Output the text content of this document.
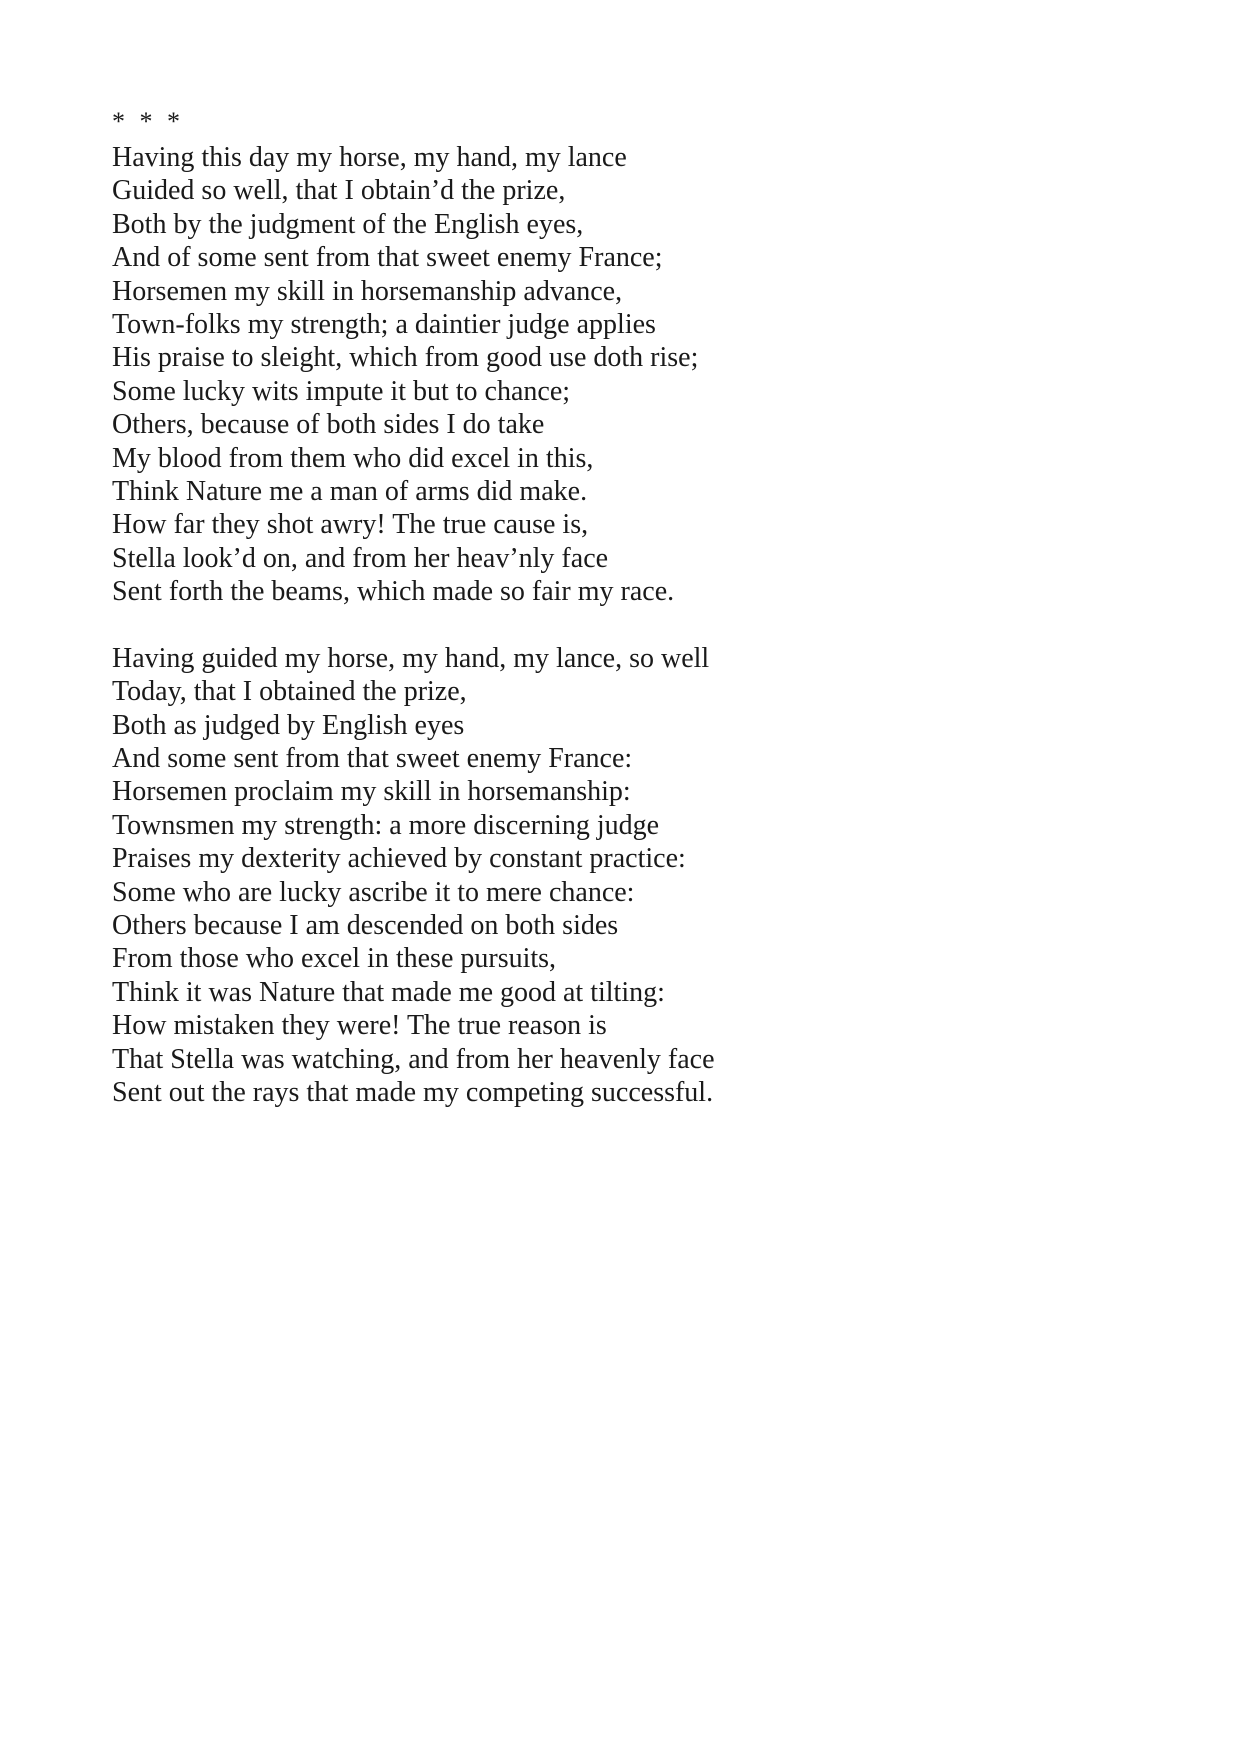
* * *
Having this day my horse, my hand, my lance
Guided so well, that I obtain’d the prize,
Both by the judgment of the English eyes,
And of some sent from that sweet enemy France;
Horsemen my skill in horsemanship advance,
Town-folks my strength; a daintier judge applies
His praise to sleight, which from good use doth rise;
Some lucky wits impute it but to chance;
Others, because of both sides I do take
My blood from them who did excel in this,
Think Nature me a man of arms did make.
How far they shot awry! The true cause is,
Stella look’d on, and from her heav’nly face
Sent forth the beams, which made so fair my race.
Having guided my horse, my hand, my lance, so well
Today, that I obtained the prize,
Both as judged by English eyes
And some sent from that sweet enemy France:
Horsemen proclaim my skill in horsemanship:
Townsmen my strength: a more discerning judge
Praises my dexterity achieved by constant practice:
Some who are lucky ascribe it to mere chance:
Others because I am descended on both sides
From those who excel in these pursuits,
Think it was Nature that made me good at tilting:
How mistaken they were! The true reason is
That Stella was watching, and from her heavenly face
Sent out the rays that made my competing successful.
